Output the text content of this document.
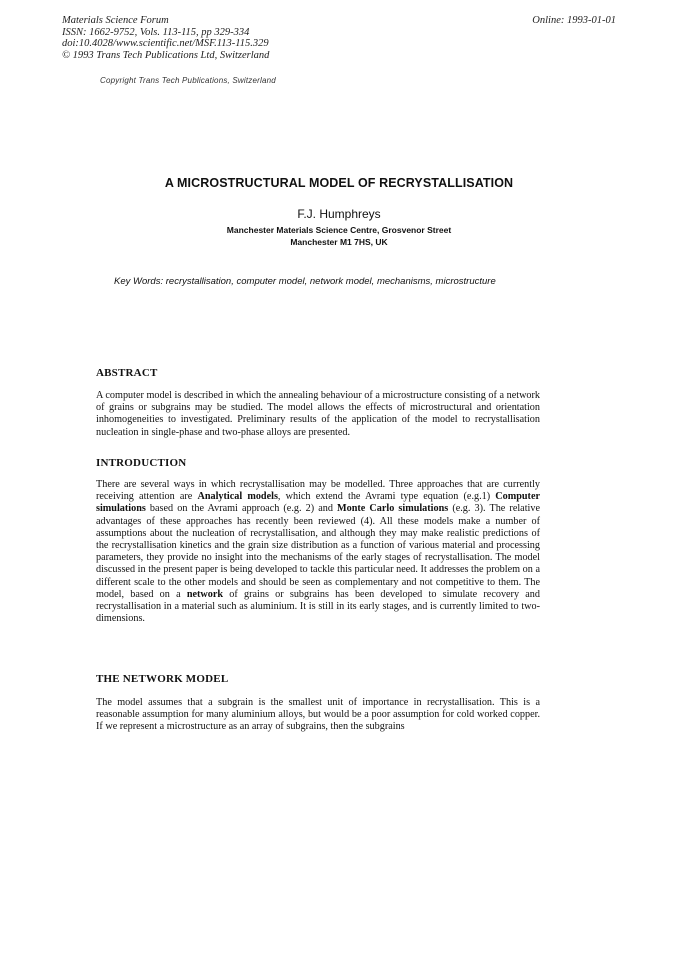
Materials Science Forum
ISSN: 1662-9752, Vols. 113-115, pp 329-334
doi:10.4028/www.scientific.net/MSF.113-115.329
© 1993 Trans Tech Publications Ltd, Switzerland
Online: 1993-01-01
Copyright Trans Tech Publications, Switzerland
A MICROSTRUCTURAL MODEL OF RECRYSTALLISATION
F.J. Humphreys
Manchester Materials Science Centre, Grosvenor Street
Manchester M1 7HS, UK
Key Words: recrystallisation, computer model, network model, mechanisms, microstructure
ABSTRACT
A computer model is described in which the annealing behaviour of a microstructure consisting of a network of grains or subgrains may be studied. The model allows the effects of microstructural and orientation inhomogeneities to investigated. Preliminary results of the application of the model to recrystallisation nucleation in single-phase and two-phase alloys are presented.
INTRODUCTION
There are several ways in which recrystallisation may be modelled. Three approaches that are currently receiving attention are Analytical models, which extend the Avrami type equation (e.g.1) Computer simulations based on the Avrami approach (e.g. 2) and Monte Carlo simulations (e.g. 3). The relative advantages of these approaches has recently been reviewed (4). All these models make a number of assumptions about the nucleation of recrystallisation, and although they may make realistic predictions of the recrystallisation kinetics and the grain size distribution as a function of various material and processing parameters, they provide no insight into the mechanisms of the early stages of recrystallisation. The model discussed in the present paper is being developed to tackle this particular need. It addresses the problem on a different scale to the other models and should be seen as complementary and not competitive to them. The model, based on a network of grains or subgrains has been developed to simulate recovery and recrystallisation in a material such as aluminium. It is still in its early stages, and is currently limited to two-dimensions.
THE NETWORK MODEL
The model assumes that a subgrain is the smallest unit of importance in recrystallisation. This is a reasonable assumption for many aluminium alloys, but would be a poor assumption for cold worked copper. If we represent a microstructure as an array of subgrains, then the subgrains
